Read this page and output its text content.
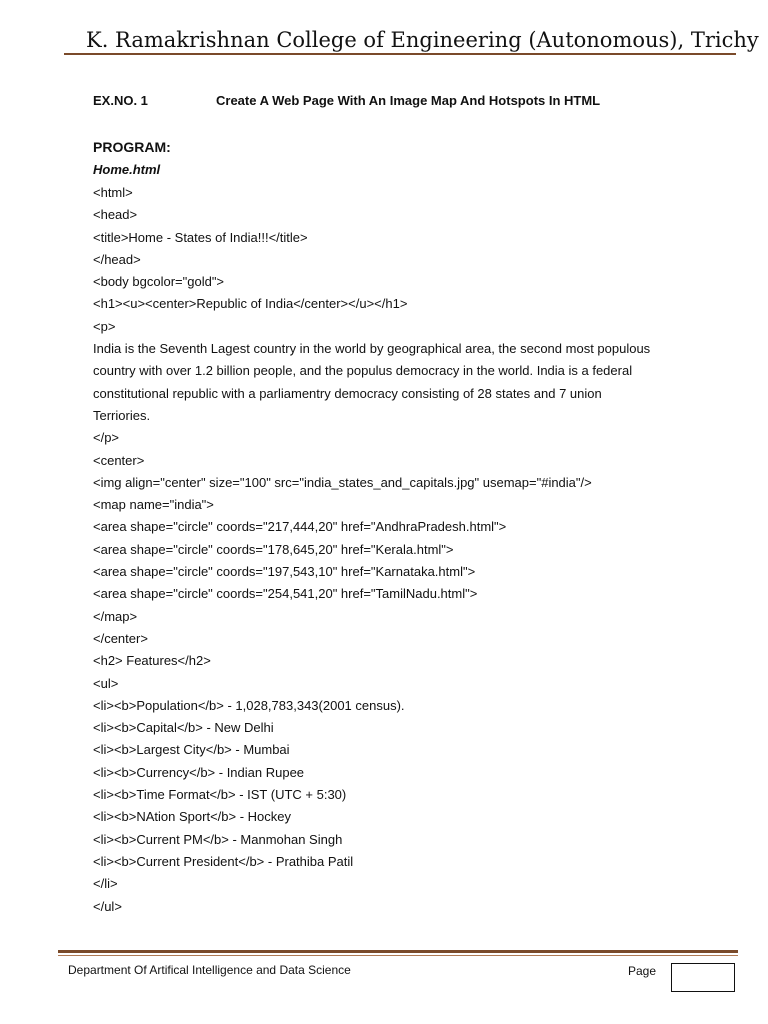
K. Ramakrishnan College of Engineering (Autonomous), Trichy
EX.NO. 1	Create A Web Page With An Image Map And Hotspots In HTML
PROGRAM:
Home.html
<html>
<head>
<title>Home - States of India!!!</title>
</head>
<body bgcolor="gold">
<h1><u><center>Republic of India</center></u></h1>
<p>
India is the Seventh Lagest country in the world by geographical area, the second most populous
country with over 1.2 billion people, and the populus democracy in the world. India is a federal
constitutional republic with a parliamentry democracy consisting of 28 states and 7 union
Terriories.
</p>
<center>
<img align="center" size="100" src="india_states_and_capitals.jpg" usemap="#india"/>
<map name="india">
<area shape="circle" coords="217,444,20" href="AndhraPradesh.html">
<area shape="circle" coords="178,645,20" href="Kerala.html">
<area shape="circle" coords="197,543,10" href="Karnataka.html">
<area shape="circle" coords="254,541,20" href="TamilNadu.html">
</map>
</center>
<h2> Features</h2>
<ul>
<li><b>Population</b> - 1,028,783,343(2001 census).
<li><b>Capital</b> - New Delhi
<li><b>Largest City</b> - Mumbai
<li><b>Currency</b> - Indian Rupee
<li><b>Time Format</b> - IST (UTC + 5:30)
<li><b>NAtion Sport</b> - Hockey
<li><b>Current PM</b> - Manmohan Singh
<li><b>Current President</b> - Prathiba Patil
</li>
</ul>
Department Of Artifical Intelligence and Data Science	Page
